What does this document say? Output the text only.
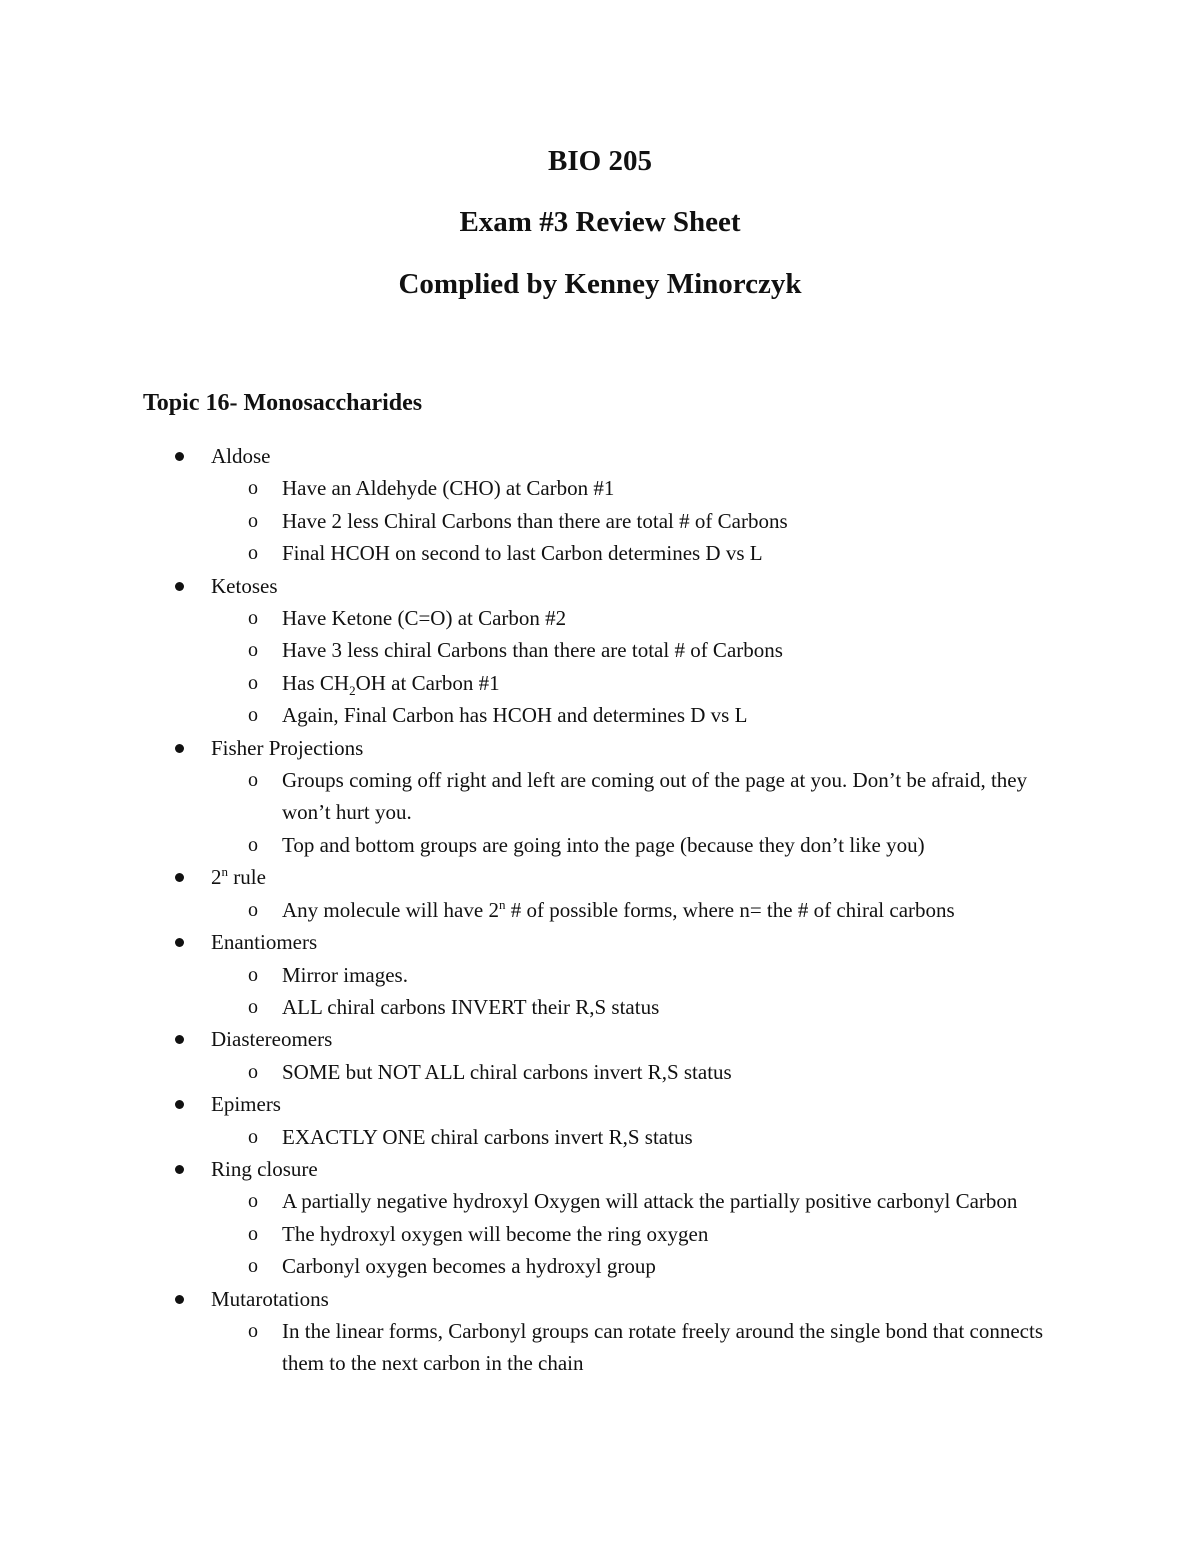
BIO 205
Exam #3 Review Sheet
Complied by Kenney Minorczyk
Topic 16- Monosaccharides
Aldose
o Have an Aldehyde (CHO) at Carbon #1
o Have 2 less Chiral Carbons than there are total # of Carbons
o Final HCOH on second to last Carbon determines D vs L
Ketoses
o Have Ketone (C=O) at Carbon #2
o Have 3 less chiral Carbons than there are total # of Carbons
o Has $CH_2OH$ at Carbon #1
o Again, Final Carbon has HCOH and determines D vs L
Fisher Projections
o Groups coming off right and left are coming out of the page at you. Don’t be afraid, they won’t hurt you.
o Top and bottom groups are going into the page (because they don’t like you)
2$^n$ rule
o Any molecule will have 2$^n$ # of possible forms, where n= the # of chiral carbons
Enantiomers
o Mirror images.
o ALL chiral carbons INVERT their R,S status
Diastereomers
o SOME but NOT ALL chiral carbons invert R,S status
Epimers
o EXACTLY ONE chiral carbons invert R,S status
Ring closure
o A partially negative hydroxyl Oxygen will attack the partially positive carbonyl Carbon
o The hydroxyl oxygen will become the ring oxygen
o Carbonyl oxygen becomes a hydroxyl group
Mutarotations
o In the linear forms, Carbonyl groups can rotate freely around the single bond that connects them to the next carbon in the chain
